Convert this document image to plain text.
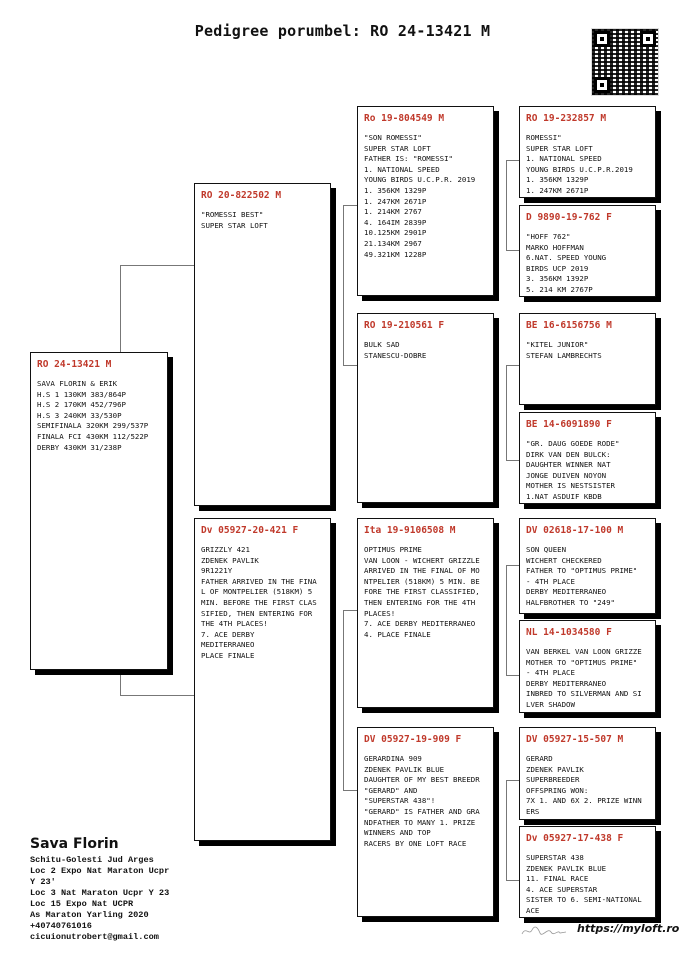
Pedigree porumbel: RO 24-13421 M
RO 24-13421 M
SAVA FLORIN & ERIK
H.S 1 130KM 383/864P
H.S 2 170KM 452/796P
H.S 3 240KM 33/530P
SEMIFINALA 320KM 299/537P
FINALA FCI 430KM 112/522P
DERBY 430KM 31/238P
RO 20-822502 M
"ROMESSI BEST"
SUPER STAR LOFT
Dv 05927-20-421 F
GRIZZLY 421
ZDENEK PAVLIK
9R1221Y
FATHER ARRIVED IN THE FINA
L OF MONTPELIER (518KM) 5
MIN. BEFORE THE FIRST CLAS
SIFIED, THEN ENTERING FOR
THE 4TH PLACES!
7. ACE DERBY
MEDITERRANEO
PLACE FINALE
Ro 19-804549 M
"SON ROMESSI"
SUPER STAR LOFT
FATHER IS: "ROMESSI"
1. NATIONAL SPEED
YOUNG BIRDS U.C.P.R. 2019
1. 356KM 1329P
1. 247KM 2671P
1. 214KM 2767
4. 164IM 2839P
10.125KM 2901P
21.134KM 2967
49.321KM 1228P
RO 19-210561 F
BULK SAD
STANESCU-DOBRE
Ita 19-9106508 M
OPTIMUS PRIME
VAN LOON - WICHERT GRIZZLE
ARRIVED IN THE FINAL OF MO
NTPELIER (518KM) 5 MIN. BE
FORE THE FIRST CLASSIFIED,
THEN ENTERING FOR THE 4TH
PLACES!
7. ACE DERBY MEDITERRANEO
4. PLACE FINALE
DV 05927-19-909 F
GERARDINA 909
ZDENEK PAVLIK BLUE
DAUGHTER OF MY BEST BREEDR
"GERARD" AND
"SUPERSTAR 438"!
"GERARD" IS FATHER AND GRA
NDFATHER TO MANY 1. PRIZE
WINNERS AND TOP
RACERS BY ONE LOFT RACE
RO 19-232857 M
ROMESSI"
SUPER STAR LOFT
1. NATIONAL SPEED
YOUNG BIRDS U.C.P.R.2019
1. 356KM 1329P
1. 247KM 2671P
D 9890-19-762 F
"HOFF 762"
MARKO HOFFMAN
6.NAT. SPEED YOUNG
BIRDS UCP 2019
3. 356KM 1392P
5. 214 KM 2767P
BE 16-6156756 M
"KITEL JUNIOR"
STEFAN LAMBRECHTS
BE 14-6091890 F
"GR. DAUG GOEDE RODE"
DIRK VAN DEN BULCK:
DAUGHTER WINNER NAT
JONGE DUIVEN NOYON
MOTHER IS NESTSISTER
1.NAT ASDUIF KBDB
DV 02618-17-100 M
SON QUEEN
WICHERT CHECKERED
FATHER TO "OPTIMUS PRIME"
- 4TH PLACE
DERBY MEDITERRANEO
HALFBROTHER TO "249"
NL 14-1034580 F
VAN BERKEL VAN LOON GRIZZE
MOTHER TO "OPTIMUS PRIME"
- 4TH PLACE
DERBY MEDITERRANEO
INBRED TO SILVERMAN AND SI
LVER SHADOW
DV 05927-15-507 M
GERARD
ZDENEK PAVLIK
SUPERBREEDER
OFFSPRING WON:
7X 1. AND 6X 2. PRIZE WINN
ERS
Dv 05927-17-438 F
SUPERSTAR 438
ZDENEK PAVLIK BLUE
11. FINAL RACE
4. ACE SUPERSTAR
SISTER TO 6. SEMI-NATIONAL
ACE
Sava Florin
Schitu-Golesti Jud Arges
Loc 2 Expo Nat Maraton Ucpr
Y 23'
Loc 3 Nat Maraton Ucpr Y 23
Loc 15 Expo Nat UCPR
As Maraton Yarling 2020
+40740761016
cicuionutrobert@gmail.com
https://myloft.ro
